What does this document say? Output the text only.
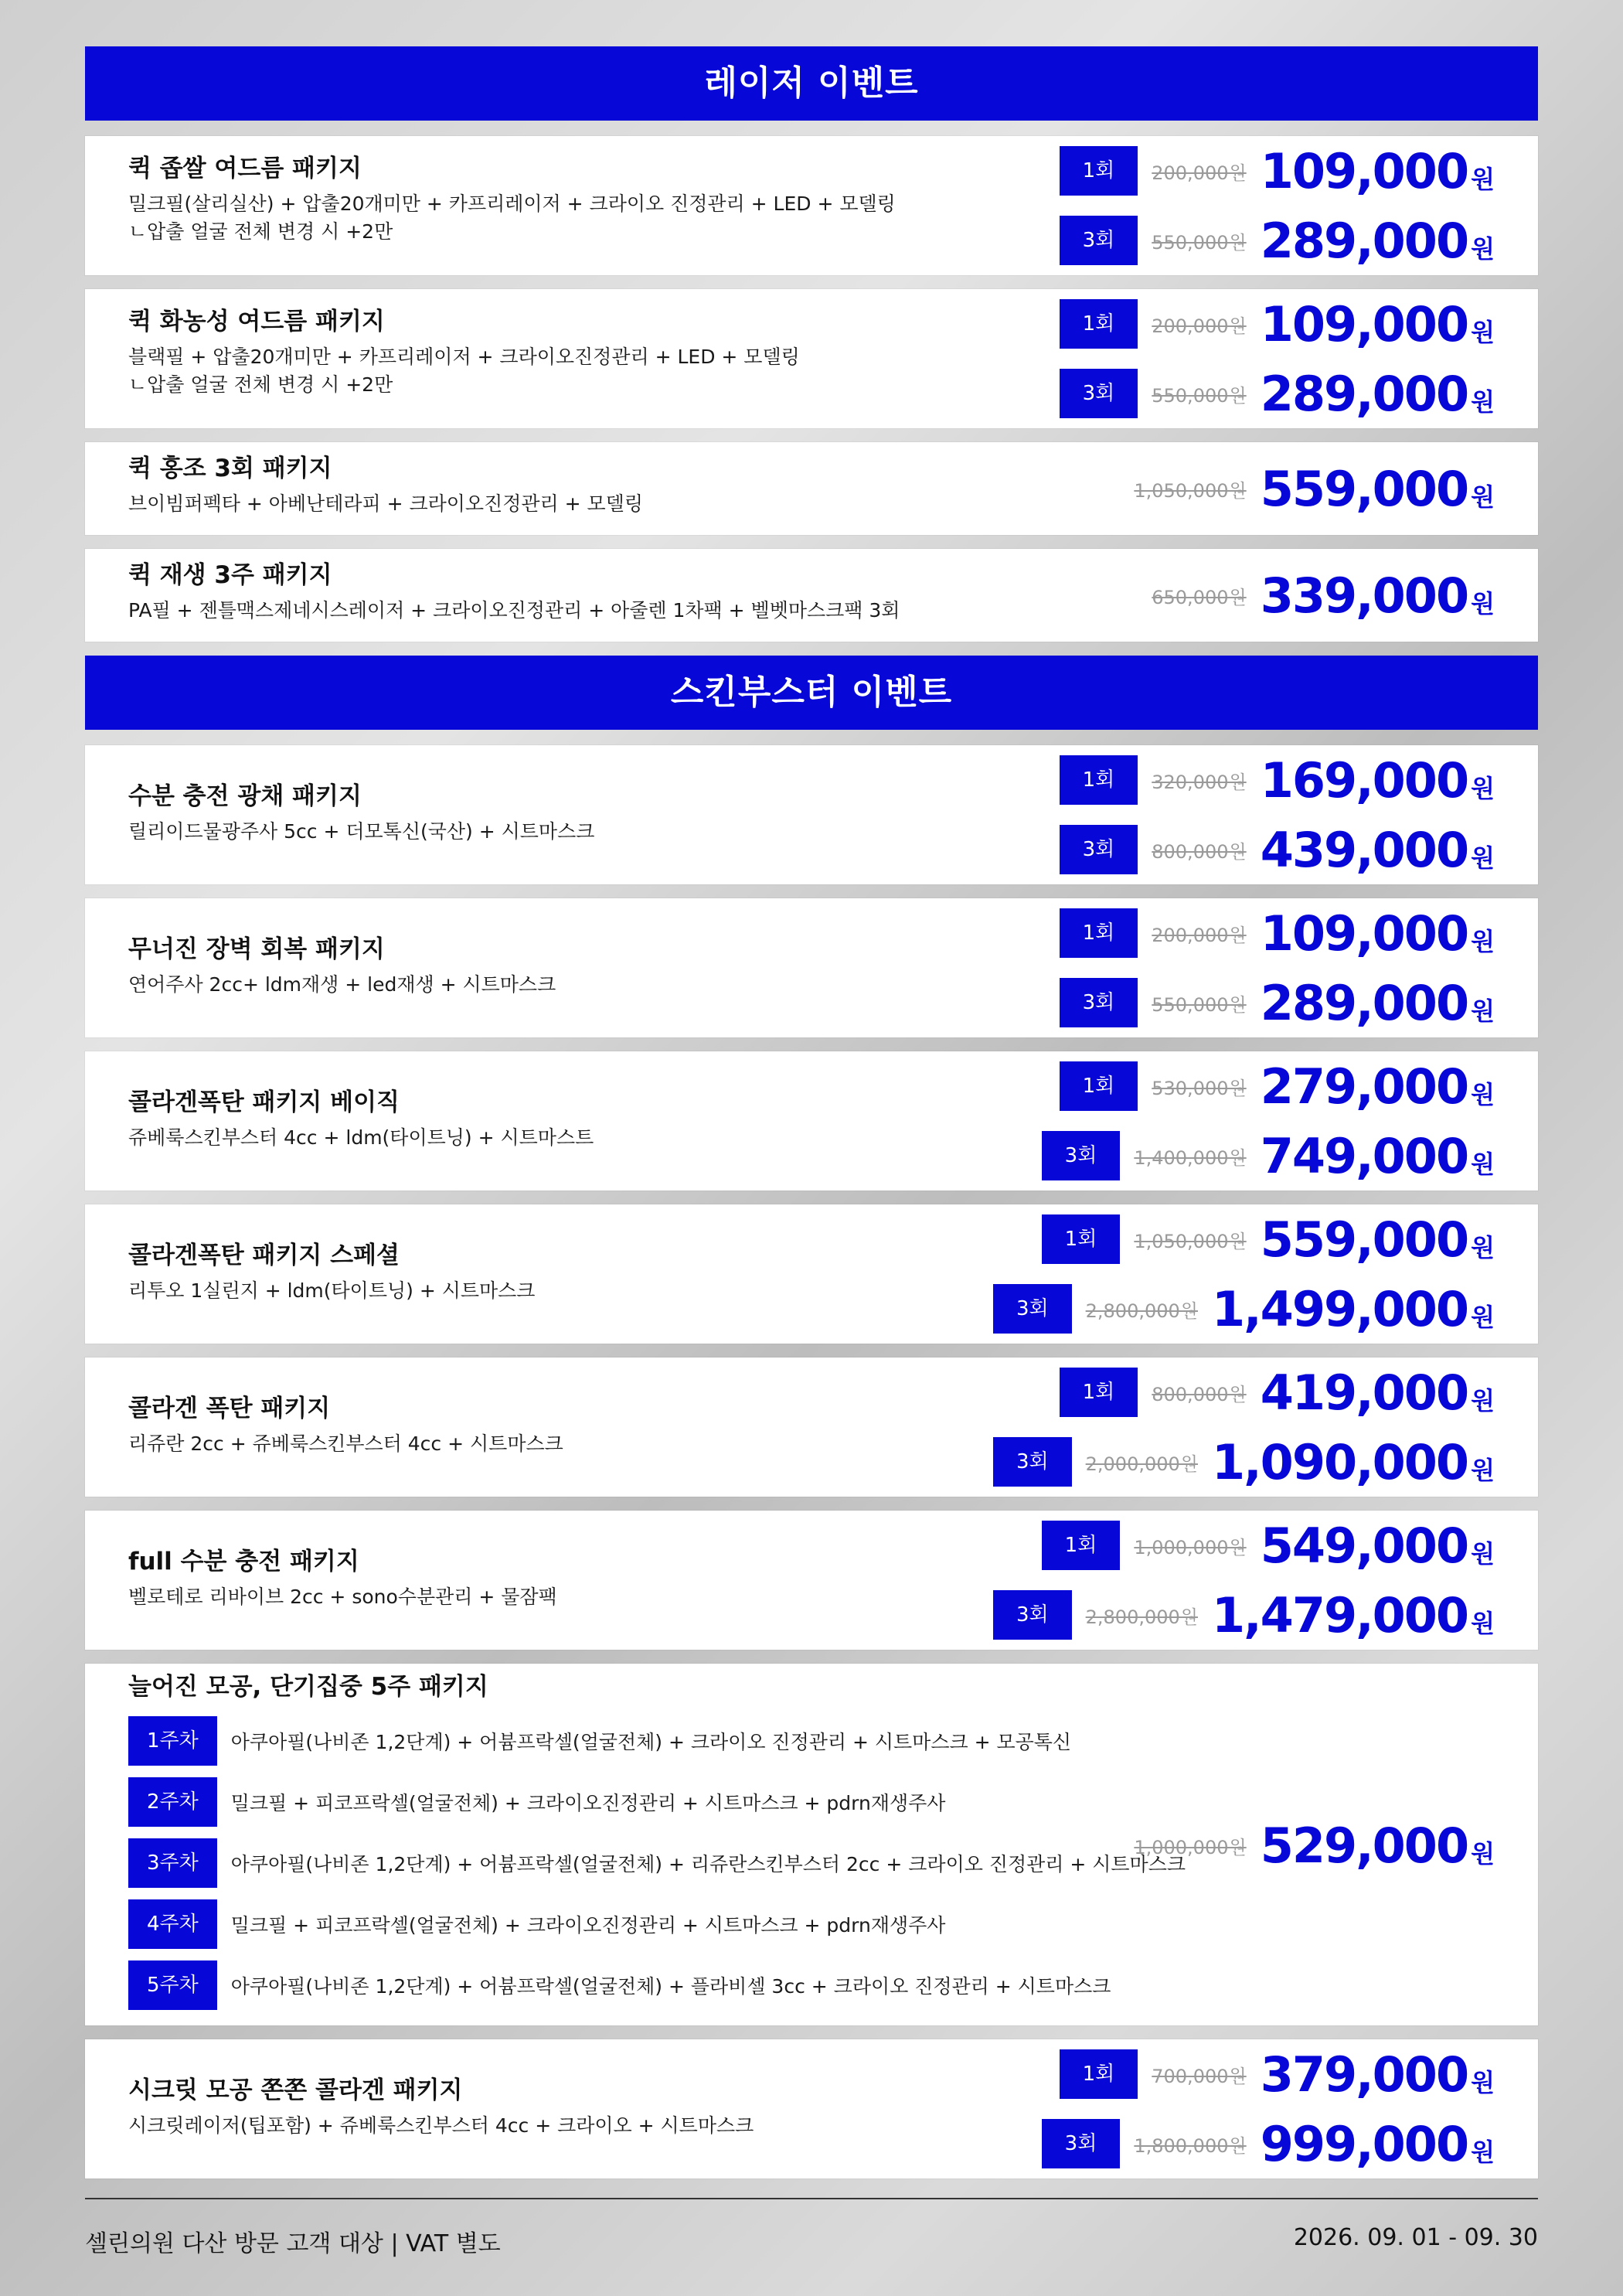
레이저 이벤트
퀵 좁쌀 여드름 패키지
밀크필(살리실산) + 압출20개미만 + 카프리레이저 + 크라이오 진정관리 + LED + 모델링
ㄴ압출 얼굴 전체 변경 시 +2만
1회	200,000원 109,000 원
3회	550,000원 289,000 원
퀵 화농성 여드름 패키지
블랙필 + 압출20개미만 + 카프리레이저 + 크라이오진정관리 + LED + 모델링
ㄴ압출 얼굴 전체 변경 시 +2만
1회	200,000원 109,000 원
3회	550,000원 289,000 원
퀵 홍조 3회 패키지
브이빔퍼펙타 + 아베난테라피 + 크라이오진정관리 + 모델링
1,050,000원 559,000 원
퀵 재생 3주 패키지
PA필 + 젠틀맥스제네시스레이저 + 크라이오진정관리 + 아줄렌 1차팩 + 벨벳마스크팩 3회
650,000원 339,000 원
스킨부스터 이벤트
수분 충전 광채 패키지
릴리이드물광주사 5cc + 더모톡신(국산) + 시트마스크
1회	320,000원 169,000 원
3회	800,000원 439,000 원
무너진 장벽 회복 패키지
연어주사 2cc+ ldm재생 + led재생 + 시트마스크
1회	200,000원 109,000 원
3회	550,000원 289,000 원
콜라겐폭탄 패키지 베이직
쥬베룩스킨부스터 4cc + ldm(타이트닝) + 시트마스트
1회	530,000원 279,000 원
3회	1,400,000원 749,000 원
콜라겐폭탄 패키지 스페셜
리투오 1실린지 + ldm(타이트닝) + 시트마스크
1회	1,050,000원 559,000 원
3회	2,800,000원 1,499,000 원
콜라겐 폭탄 패키지
리쥬란 2cc + 쥬베룩스킨부스터 4cc + 시트마스크
1회	800,000원 419,000 원
3회	2,000,000원 1,090,000 원
full 수분 충전 패키지
벨로테로 리바이브 2cc + sono수분관리 + 물잠팩
1회	1,000,000원 549,000 원
3회	2,800,000원 1,479,000 원
늘어진 모공, 단기집중 5주 패키지
1주차	아쿠아필(나비존 1,2단계) + 어븀프락셀(얼굴전체) + 크라이오 진정관리 + 시트마스크 + 모공톡신
2주차	밀크필 + 피코프락셀(얼굴전체) + 크라이오진정관리 + 시트마스크 + pdrn재생주사
3주차	아쿠아필(나비존 1,2단계) + 어븀프락셀(얼굴전체) + 리쥬란스킨부스터 2cc + 크라이오 진정관리 + 시트마스크
4주차	밀크필 + 피코프락셀(얼굴전체) + 크라이오진정관리 + 시트마스크 + pdrn재생주사
5주차	아쿠아필(나비존 1,2단계) + 어븀프락셀(얼굴전체) + 플라비셀 3cc + 크라이오 진정관리 + 시트마스크
1,000,000원 529,000 원
시크릿 모공 쫀쫀 콜라겐 패키지
시크릿레이저(팁포함) + 쥬베룩스킨부스터 4cc + 크라이오 + 시트마스크
1회	700,000원 379,000 원
3회	1,800,000원 999,000 원
셀린의원 다산 방문 고객 대상 | VAT 별도	2026. 09. 01 - 09. 30
